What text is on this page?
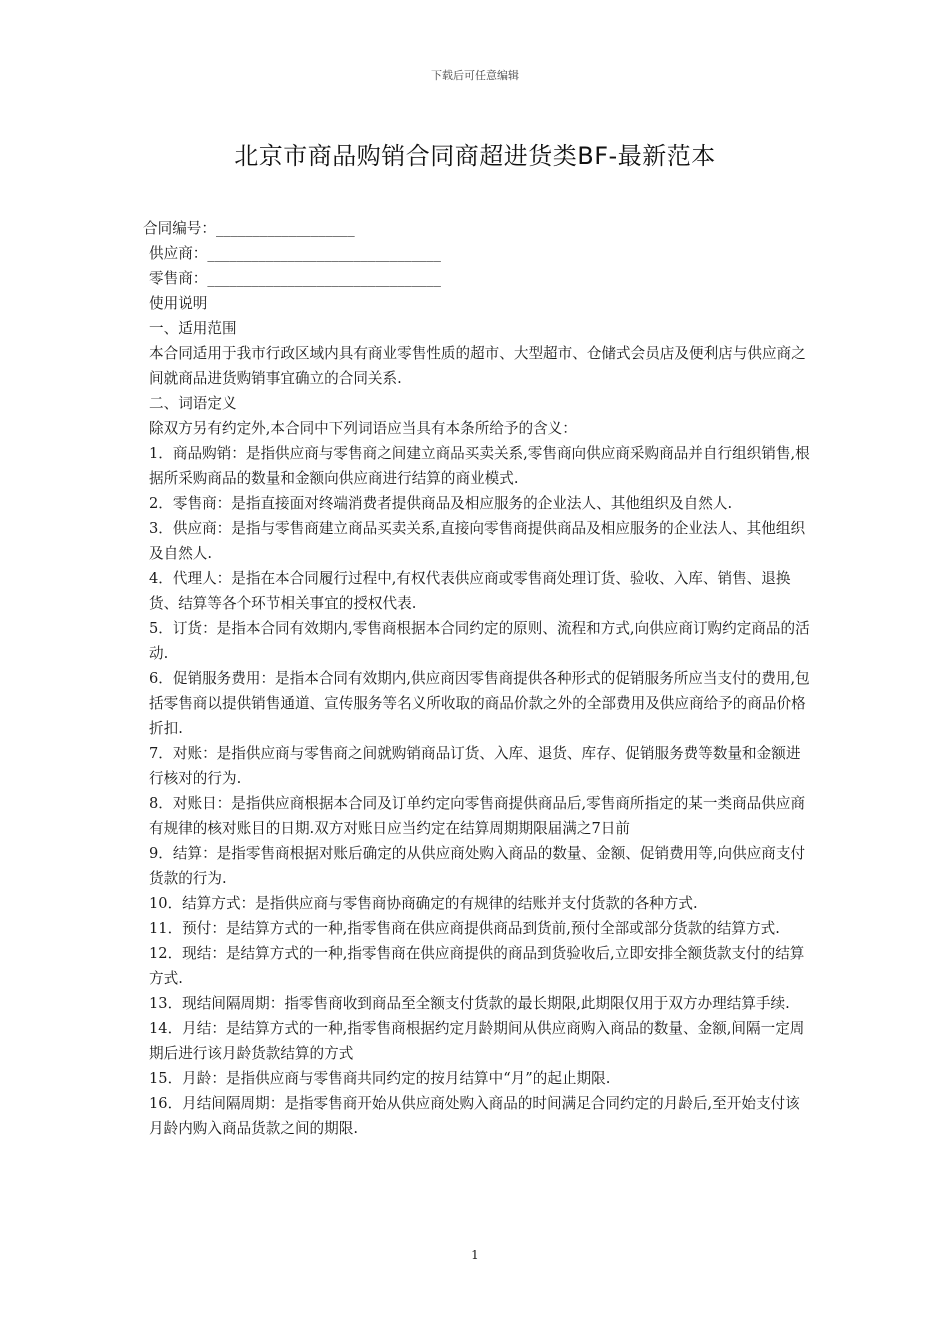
下载后可任意编辑
北京市商品购销合同商超进货类BF-最新范本

合同编号：___________________

供应商：________________________________

零售商：________________________________

使用说明

一、适用范围

本合同适用于我市行政区域内具有商业零售性质的超市、大型超市、仓储式会员店及便利店与供应商之间就商品进货购销事宜确立的合同关系.

二、词语定义

除双方另有约定外,本合同中下列词语应当具有本条所给予的含义：

1．商品购销：是指供应商与零售商之间建立商品买卖关系,零售商向供应商采购商品并自行组织销售,根据所采购商品的数量和金额向供应商进行结算的商业模式.

2．零售商：是指直接面对终端消费者提供商品及相应服务的企业法人、其他组织及自然人.

3．供应商：是指与零售商建立商品买卖关系,直接向零售商提供商品及相应服务的企业法人、其他组织及自然人.

4．代理人：是指在本合同履行过程中,有权代表供应商或零售商处理订货、验收、入库、销售、退换货、结算等各个环节相关事宜的授权代表.

5．订货：是指本合同有效期内,零售商根据本合同约定的原则、流程和方式,向供应商订购约定商品的活动.

6．促销服务费用：是指本合同有效期内,供应商因零售商提供各种形式的促销服务所应当支付的费用,包括零售商以提供销售通道、宣传服务等名义所收取的商品价款之外的全部费用及供应商给予的商品价格折扣.

7．对账：是指供应商与零售商之间就购销商品订货、入库、退货、库存、促销服务费等数量和金额进行核对的行为.

8．对账日：是指供应商根据本合同及订单约定向零售商提供商品后,零售商所指定的某一类商品供应商有规律的核对账目的日期.双方对账日应当约定在结算周期期限届满之7日前

9．结算：是指零售商根据对账后确定的从供应商处购入商品的数量、金额、促销费用等,向供应商支付货款的行为.

10．结算方式：是指供应商与零售商协商确定的有规律的结账并支付货款的各种方式.

11．预付：是结算方式的一种,指零售商在供应商提供商品到货前,预付全部或部分货款的结算方式.

12．现结：是结算方式的一种,指零售商在供应商提供的商品到货验收后,立即安排全额货款支付的结算方式.

13．现结间隔周期：指零售商收到商品至全额支付货款的最长期限,此期限仅用于双方办理结算手续.

14．月结：是结算方式的一种,指零售商根据约定月龄期间从供应商购入商品的数量、金额,间隔一定周期后进行该月龄货款结算的方式

15．月龄：是指供应商与零售商共同约定的按月结算中“月”的起止期限.

16．月结间隔周期：是指零售商开始从供应商处购入商品的时间满足合同约定的月龄后,至开始支付该月龄内购入商品货款之间的期限.

1
